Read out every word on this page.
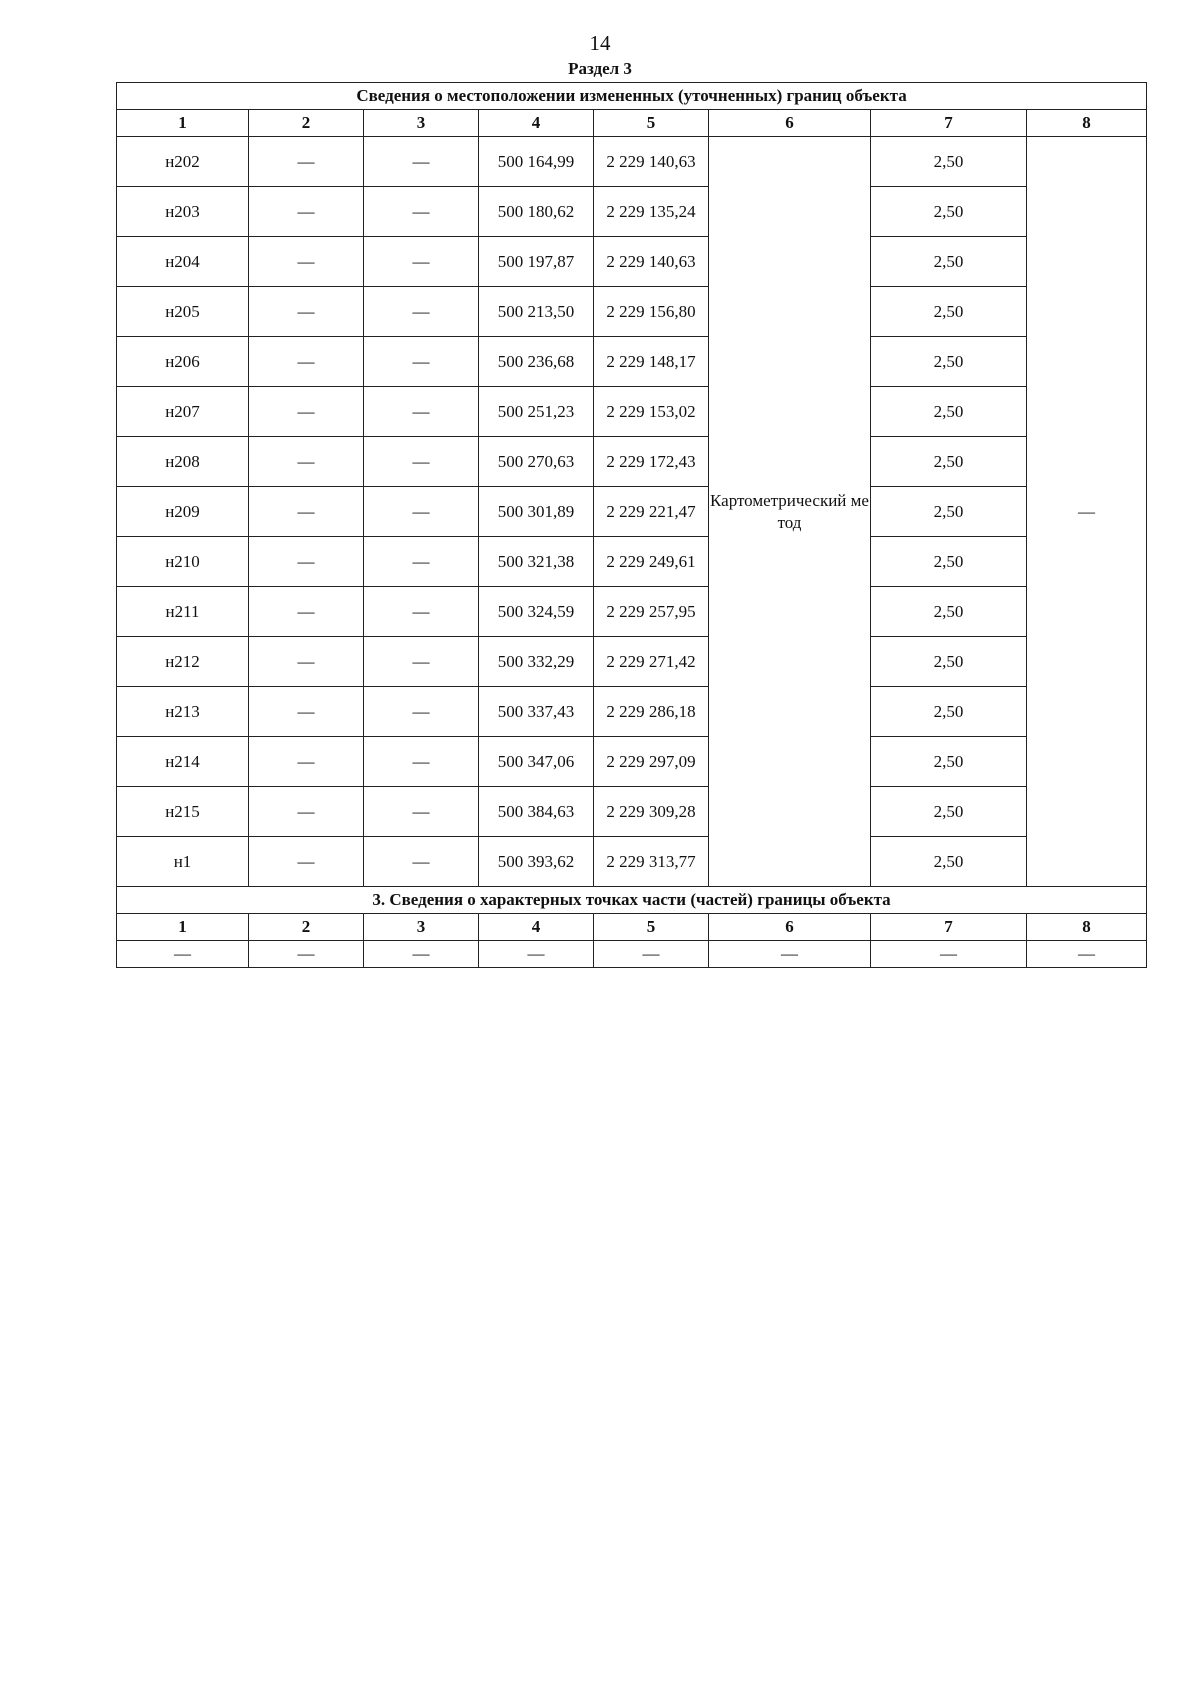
14
Раздел 3
Сведения о местоположении измененных (уточненных) границ объекта							
1	2	3	4	5	6	7	8
н202	—	—	500 164,99	2 229 140,63	Картометрический метод	2,50	—
н203	—	—	500 180,62	2 229 135,24		2,50	
н204	—	—	500 197,87	2 229 140,63		2,50	
н205	—	—	500 213,50	2 229 156,80		2,50	
н206	—	—	500 236,68	2 229 148,17		2,50	
н207	—	—	500 251,23	2 229 153,02		2,50	
н208	—	—	500 270,63	2 229 172,43		2,50	
н209	—	—	500 301,89	2 229 221,47		2,50	
н210	—	—	500 321,38	2 229 249,61		2,50	
н211	—	—	500 324,59	2 229 257,95		2,50	
н212	—	—	500 332,29	2 229 271,42		2,50	
н213	—	—	500 337,43	2 229 286,18		2,50	
н214	—	—	500 347,06	2 229 297,09		2,50	
н215	—	—	500 384,63	2 229 309,28		2,50	
н1	—	—	500 393,62	2 229 313,77		2,50	
3. Сведения о характерных точках части (частей) границы объекта							
1	2	3	4	5	6	7	8
—	—	—	—	—	—	—	—
